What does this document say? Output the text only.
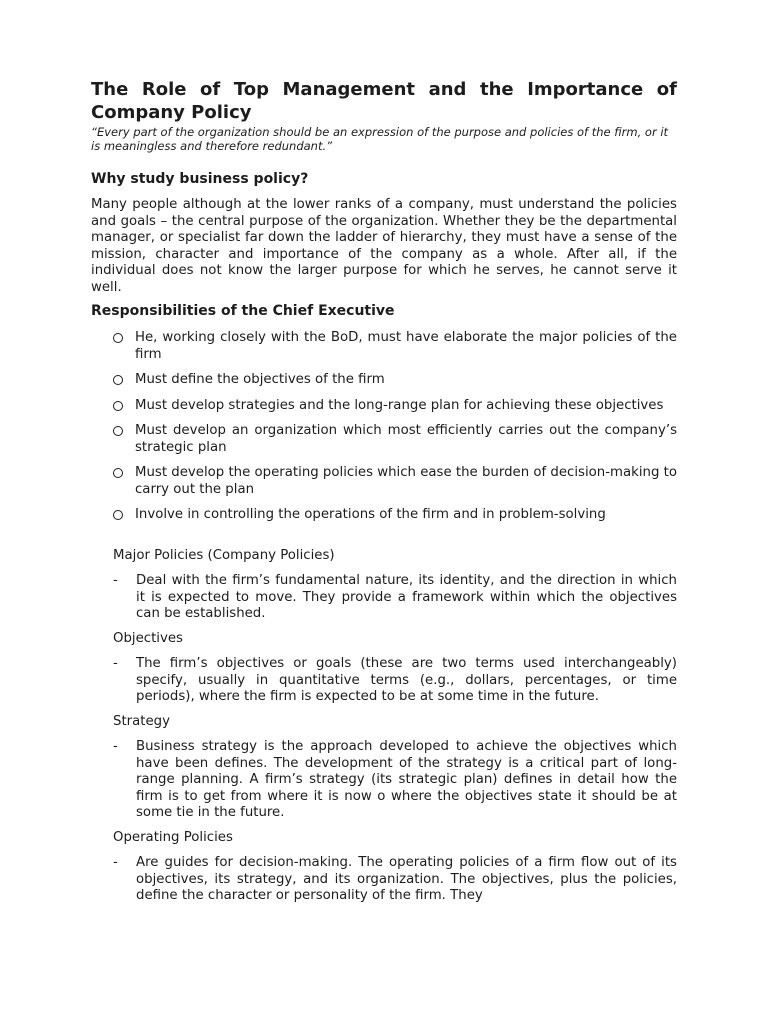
The Role of Top Management and the Importance of Company Policy

“Every part of the organization should be an expression of the purpose and policies of the firm, or it is meaningless and therefore redundant.”

Why study business policy?

Many people although at the lower ranks of a company, must understand the policies and goals – the central purpose of the organization. Whether they be the departmental manager, or specialist far down the ladder of hierarchy, they must have a sense of the mission, character and importance of the company as a whole. After all, if the individual does not know the larger purpose for which he serves, he cannot serve it well.

Responsibilities of the Chief Executive
He, working closely with the BoD, must have elaborate the major policies of the firm
Must define the objectives of the firm
Must develop strategies and the long-range plan for achieving these objectives
Must develop an organization which most efficiently carries out the company’s strategic plan
Must develop the operating policies which ease the burden of decision-making to carry out the plan
Involve in controlling the operations of the firm and in problem-solving

Major Policies (Company Policies)

- Deal with the firm’s fundamental nature, its identity, and the direction in which it is expected to move. They provide a framework within which the objectives can be established.

Objectives

- The firm’s objectives or goals (these are two terms used interchangeably) specify, usually in quantitative terms (e.g., dollars, percentages, or time periods), where the firm is expected to be at some time in the future.

Strategy

- Business strategy is the approach developed to achieve the objectives which have been defines. The development of the strategy is a critical part of long-range planning. A firm’s strategy (its strategic plan) defines in detail how the firm is to get from where it is now o where the objectives state it should be at some tie in the future.

Operating Policies

- Are guides for decision-making. The operating policies of a firm flow out of its objectives, its strategy, and its organization. The objectives, plus the policies, define the character or personality of the firm. They
